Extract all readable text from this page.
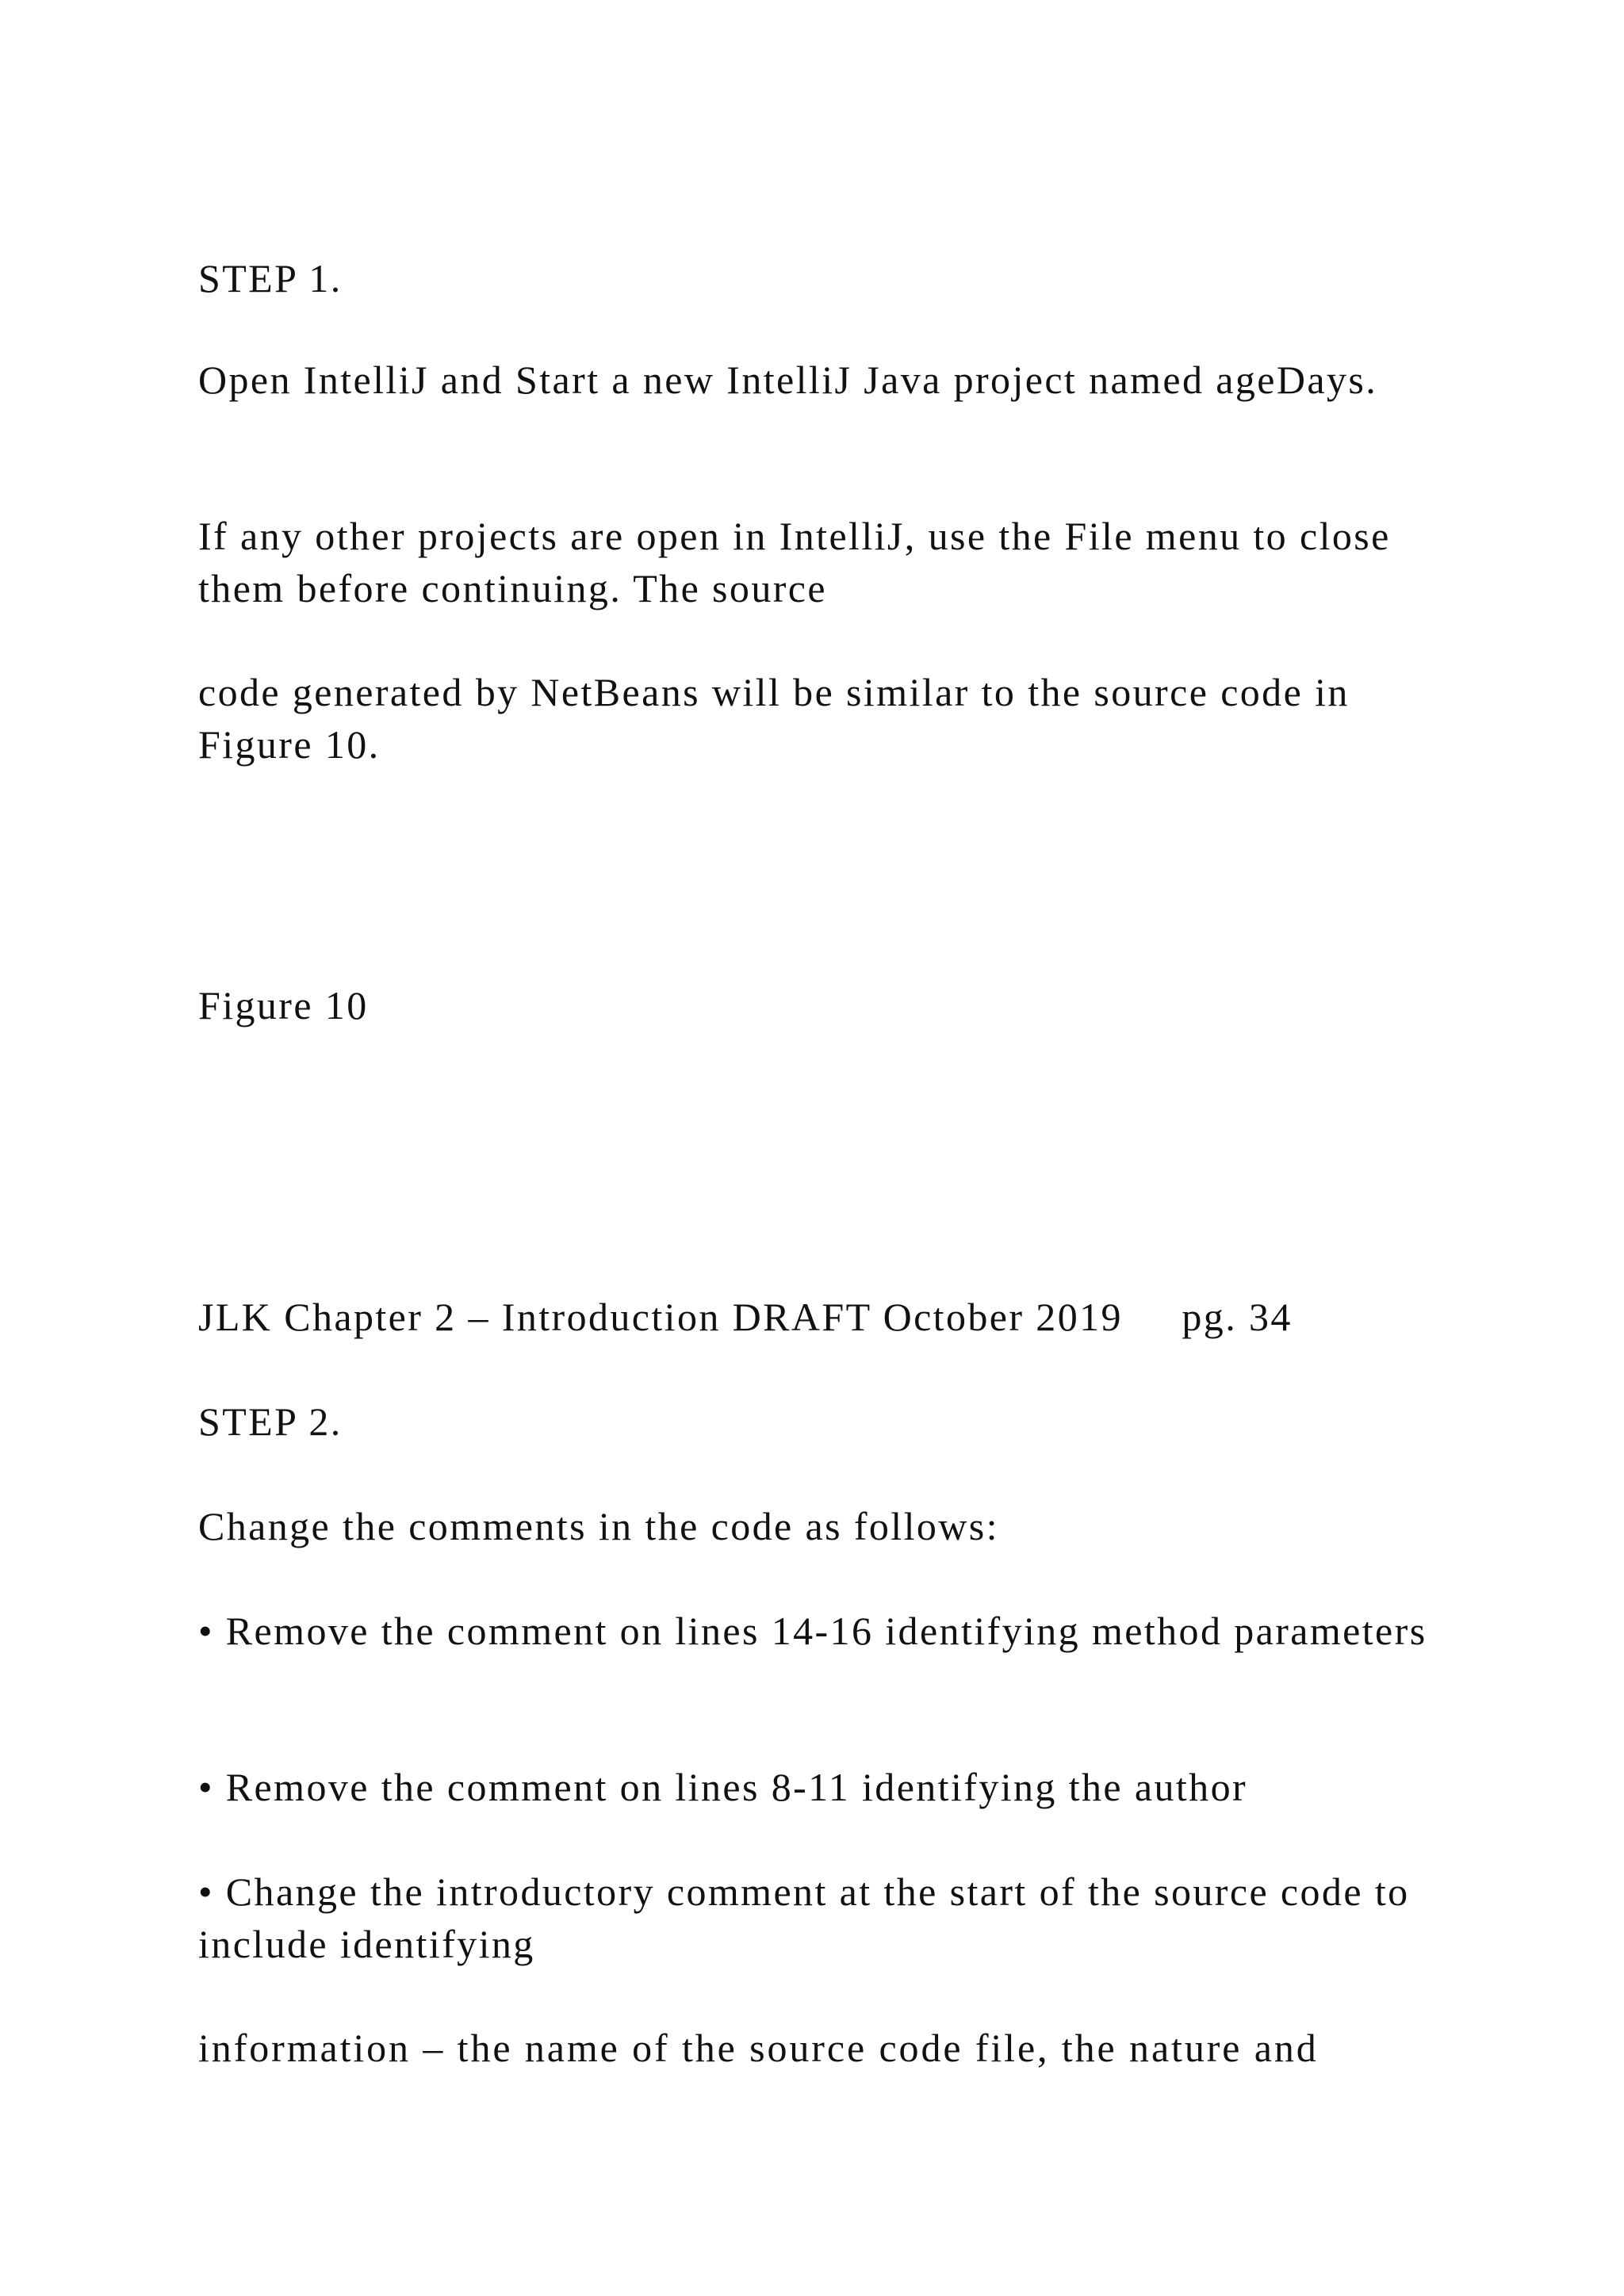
STEP 1.

Open IntelliJ and Start a new IntelliJ Java project named ageDays.

If any other projects are open in IntelliJ, use the File menu to close them before continuing. The source

code generated by NetBeans will be similar to the source code in Figure 10.

Figure 10

JLK Chapter 2 – Introduction DRAFT October 2019     pg. 34

STEP 2.

Change the comments in the code as follows:

• Remove the comment on lines 14-16 identifying method parameters

• Remove the comment on lines 8-11 identifying the author

• Change the introductory comment at the start of the source code to include identifying

information – the name of the source code file, the nature and
